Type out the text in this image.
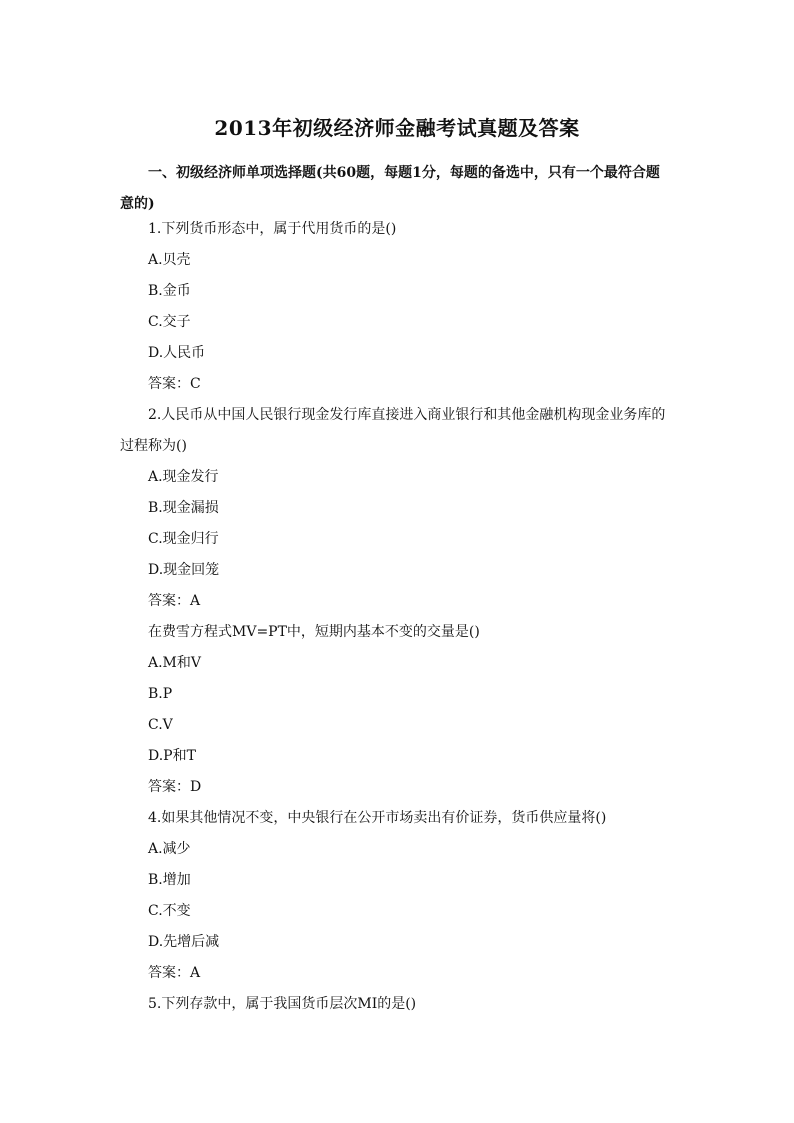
2013年初级经济师金融考试真题及答案
一、初级经济师单项选择题(共60题，每题1分，每题的备选中，只有一个最符合题意的)
1.下列货币形态中，属于代用货币的是()
A.贝壳
B.金币
C.交子
D.人民币
答案：C
2.人民币从中国人民银行现金发行库直接进入商业银行和其他金融机构现金业务库的过程称为()
A.现金发行
B.现金漏损
C.现金归行
D.现金回笼
答案：A
在费雪方程式MV=PT中，短期内基本不变的交量是()
A.M和V
B.P
C.V
D.P和T
答案：D
4.如果其他情况不变，中央银行在公开市场卖出有价证券，货币供应量将()
A.减少
B.增加
C.不变
D.先增后减
答案：A
5.下列存款中，属于我国货币层次MI的是()
